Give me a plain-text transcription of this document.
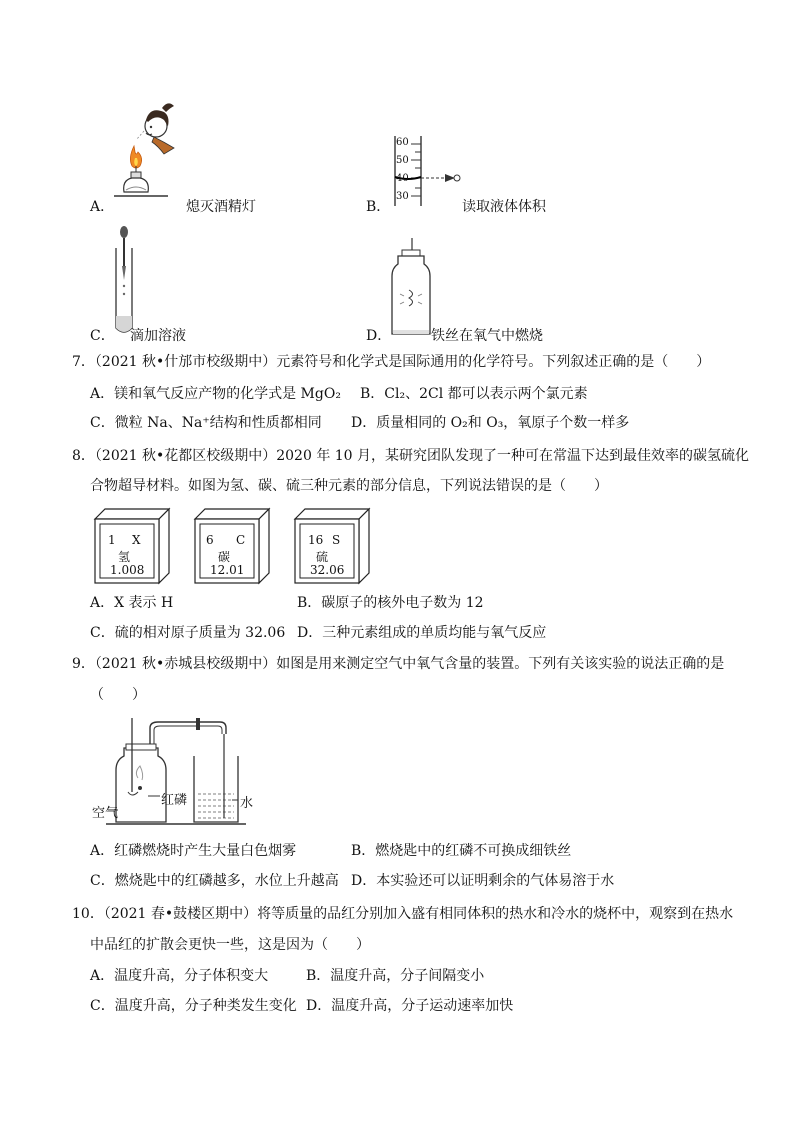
A．	熄灭酒精灯
60
50
40
30
B．	读取液体体积
C． 滴加溶液	D．	铁丝在氧气中燃烧
7．（2021 秋•什邡市校级期中）元素符号和化学式是国际通用的化学符号。下列叙述正确的是（　　）
A．镁和氧气反应产物的化学式是 MgO₂ B．Cl₂、2Cl 都可以表示两个氯元素
C．微粒 Na、Na⁺结构和性质都相同 D．质量相同的 O₂和 O₃，氧原子个数一样多
8．（2021 秋•花都区校级期中）2020 年 10 月，某研究团队发现了一种可在常温下达到最佳效率的碳氢硫化
合物超导材料。如图为氢、碳、硫三种元素的部分信息，下列说法错误的是（　　）
1 X
氢
1.008
6 C
碳
12.01
16 S
硫
32.06
A．X 表示 H	B．碳原子的核外电子数为 12
C．硫的相对原子质量为 32.06 D．三种元素组成的单质均能与氧气反应
9．（2021 秋•赤城县校级期中）如图是用来测定空气中氧气含量的装置。下列有关该实验的说法正确的是
（　　）
空气
红磷	水
A．红磷燃烧时产生大量白色烟雾	B．燃烧匙中的红磷不可换成细铁丝
C．燃烧匙中的红磷越多，水位上升越高 D．本实验还可以证明剩余的气体易溶于水
10．（2021 春•鼓楼区期中）将等质量的品红分别加入盛有相同体积的热水和冷水的烧杯中，观察到在热水
中品红的扩散会更快一些，这是因为（　　）
A．温度升高，分子体积变大	B．温度升高，分子间隔变小
C．温度升高，分子种类发生变化 D．温度升高，分子运动速率加快
